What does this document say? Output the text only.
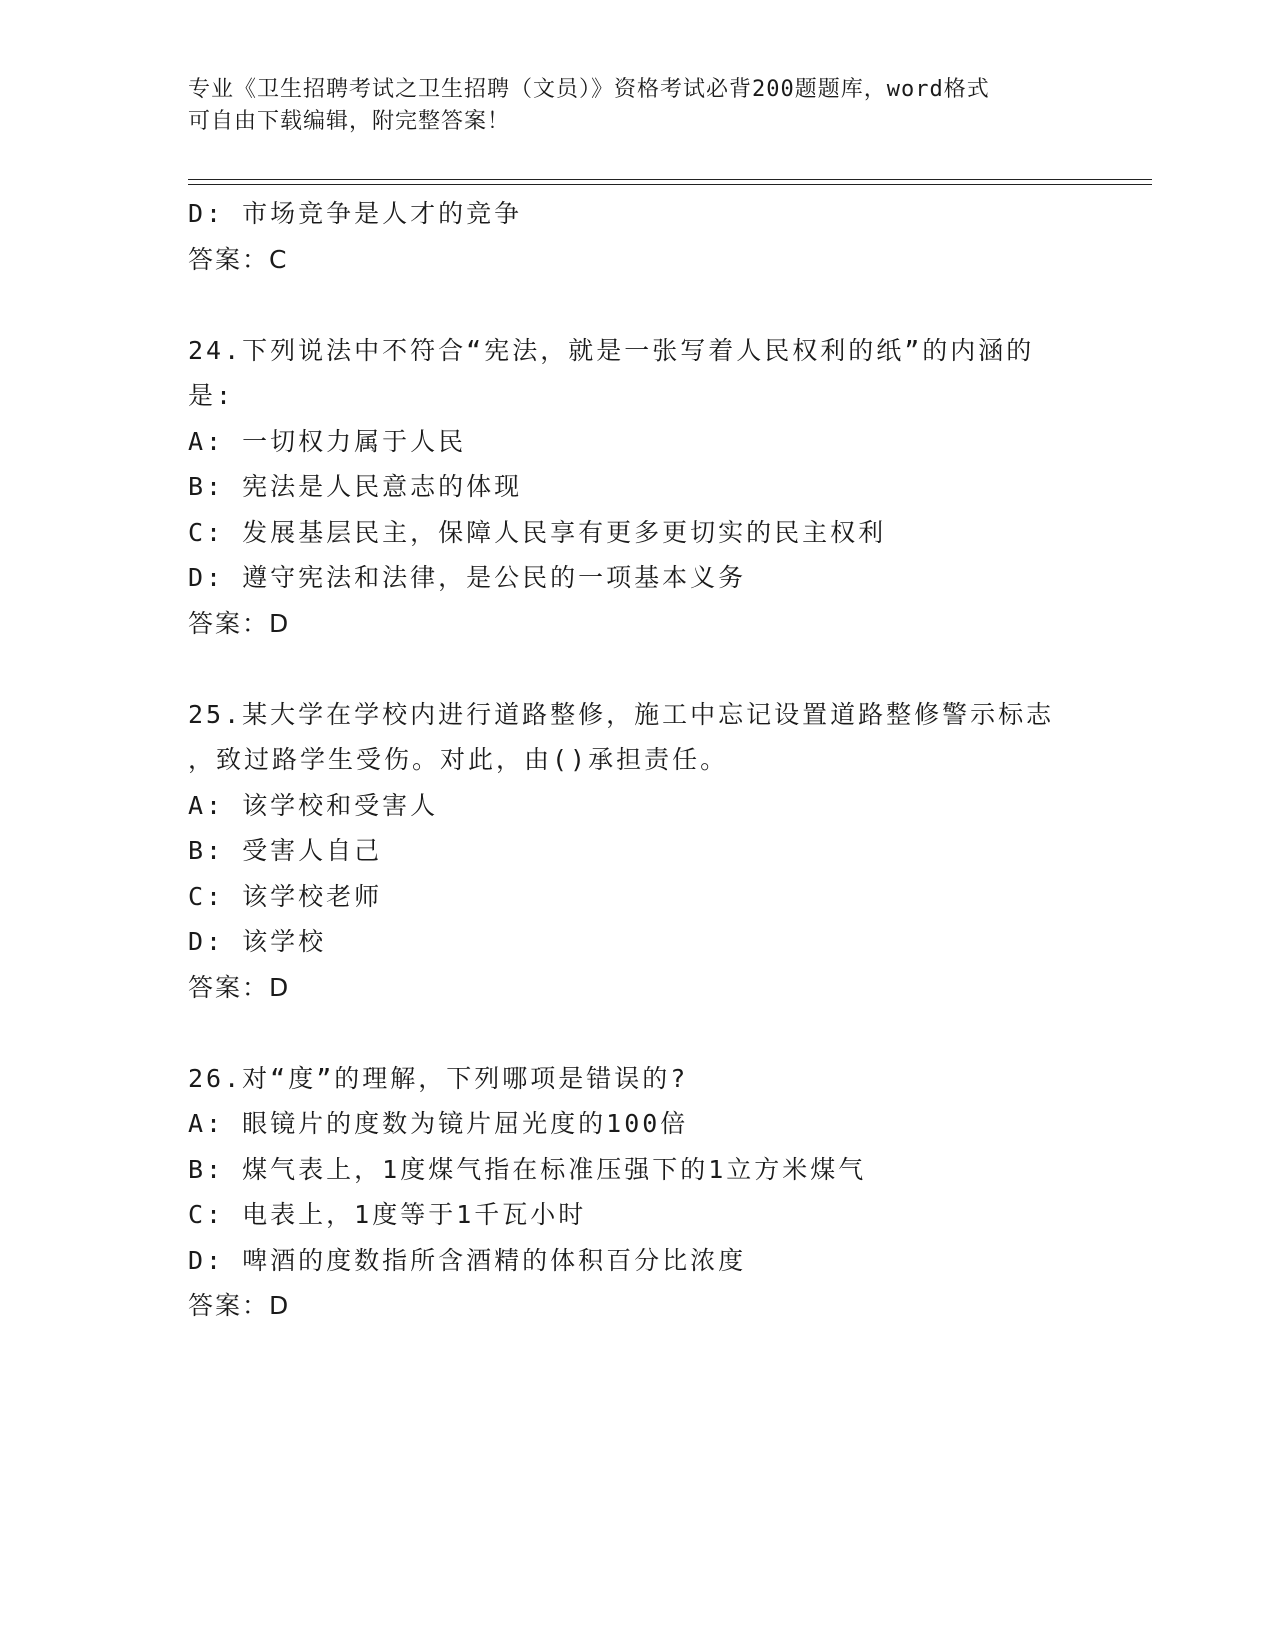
专业《卫生招聘考试之卫生招聘（文员）》资格考试必背200题题库，word格式
可自由下载编辑，附完整答案！
D: 市场竞争是人才的竞争
答案：C
24.下列说法中不符合“宪法，就是一张写着人民权利的纸”的内涵的
是:
A: 一切权力属于人民
B: 宪法是人民意志的体现
C: 发展基层民主，保障人民享有更多更切实的民主权利
D: 遵守宪法和法律，是公民的一项基本义务
答案：D
25.某大学在学校内进行道路整修，施工中忘记设置道路整修警示标志
，致过路学生受伤。对此，由()承担责任。
A: 该学校和受害人
B: 受害人自己
C: 该学校老师
D: 该学校
答案：D
26.对“度”的理解，下列哪项是错误的?
A: 眼镜片的度数为镜片屈光度的100倍
B: 煤气表上，1度煤气指在标准压强下的1立方米煤气
C: 电表上，1度等于1千瓦小时
D: 啤酒的度数指所含酒精的体积百分比浓度
答案：D
